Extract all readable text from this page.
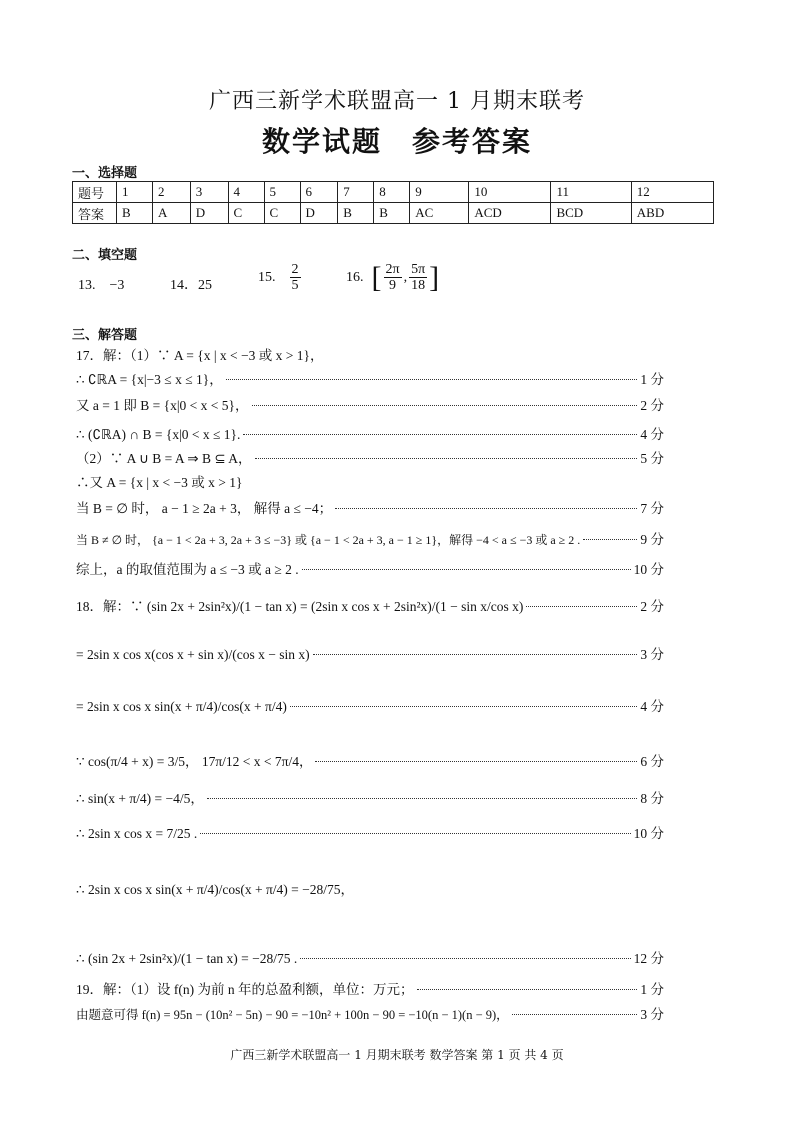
广西三新学术联盟高一 1 月期末联考
数学试题　参考答案
一、选择题
题号	1	2	3	4	5	6	7	8	9	10	11	12
答案	B	A	D	C	C	D	B	B	AC	ACD	BCD	ABD
二、填空题
13.　−3	14．25
15. $\frac{2}{5}$	16. [ $\frac{2\pi}{9}$ , $\frac{5\pi}{18}$ ]
三、解答题
17．解：（1）∵ A = {x | x < −3 或 x > 1}，
∴ ∁ℝA = {x|−3 ≤ x ≤ 1}，	1 分
又 a = 1 即 B = {x|0 < x < 5}，	2 分
∴ (∁ℝA) ∩ B = {x|0 < x ≤ 1}.	4 分
（2）∵ A ∪ B = A ⇒ B ⊆ A，	5 分
∴又 A = {x | x < −3 或 x > 1}
当 B = ∅ 时， a − 1 ≥ 2a + 3， 解得 a ≤ −4；	7 分
当 B ≠ ∅ 时， {a − 1 < 2a + 3, 2a + 3 ≤ −3} 或 {a − 1 < 2a + 3, a − 1 ≥ 1}，解得 −4 < a ≤ −3 或 a ≥ 2 .	9 分
综上，a 的取值范围为 a ≤ −3 或 a ≥ 2 .	10 分
18．解：∵ (sin 2x + 2sin²x)/(1 − tan x) = (2sin x cos x + 2sin²x)/(1 − sin x/cos x)	2 分
= 2sin x cos x(cos x + sin x)/(cos x − sin x)	3 分
= 2sin x cos x sin(x + π/4)/cos(x + π/4)	4 分
∵ cos(π/4 + x) = 3/5， 17π/12 < x < 7π/4，	6 分
∴ sin(x + π/4) = −4/5，	8 分
∴ 2sin x cos x = 7/25 .	10 分
∴ 2sin x cos x sin(x + π/4)/cos(x + π/4) = −28/75，
∴ (sin 2x + 2sin²x)/(1 − tan x) = −28/75 .	12 分
19．解：（1）设 f(n) 为前 n 年的总盈利额，单位：万元；	1 分
由题意可得 f(n) = 95n − (10n² − 5n) − 90 = −10n² + 100n − 90 = −10(n − 1)(n − 9)，	3 分
广西三新学术联盟高一 1 月期末联考 数学答案 第 1 页 共 4 页
